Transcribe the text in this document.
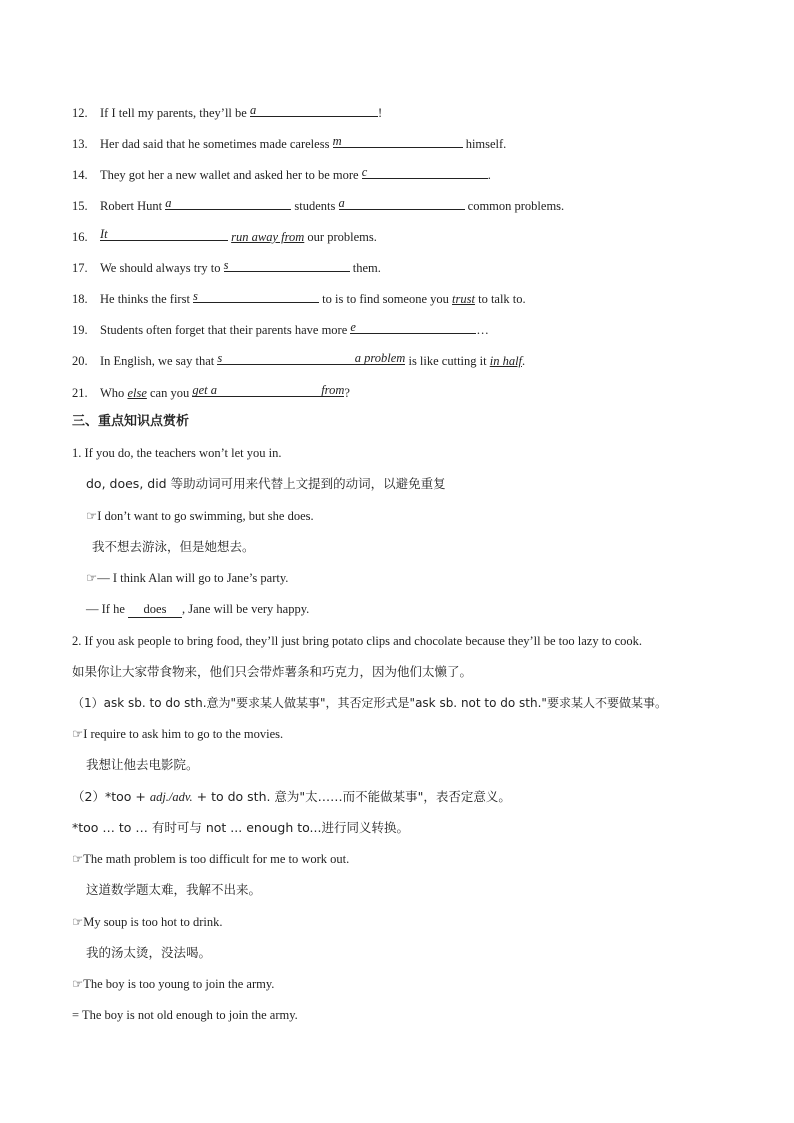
12. If I tell my parents, they’ll be a	!
13. Her dad said that he sometimes made careless m	himself.
14. They got her a new wallet and asked her to be more c	.
15. Robert Hunt a	students a	common problems.
16. It	run away from our problems.
17. We should always try to s	them.
18. He thinks the first s	to is to find someone you trust to talk to.
19. Students often forget that their parents have more e	…
20. In English, we say that s	a problem is like cutting it in half.
21. Who else can you get a	from ?
三、重点知识点赏析
1. If you do, the teachers won’t let you in.
do, does, did 等助动词可用来代替上文提到的动词，以避免重复
☞I don’t want to go swimming, but she does.
我不想去游泳，但是她想去。
☞— I think Alan will go to Jane’s party.
— If he does , Jane will be very happy.
2. If you ask people to bring food, they’ll just bring potato clips and chocolate because they’ll be too lazy to cook.
如果你让大家带食物来，他们只会带炸薯条和巧克力，因为他们太懒了。
（1）ask sb. to do sth.意为"要求某人做某事"，其否定形式是"ask sb. not to do sth."要求某人不要做某事。
☞I require to ask him to go to the movies.
我想让他去电影院。
（2）*too + adj./adv. + to do sth. 意为"太……而不能做某事"，表否定意义。
*too … to … 有时可与 not ... enough to...进行同义转换。
☞The math problem is too difficult for me to work out.
这道数学题太难，我解不出来。
☞My soup is too hot to drink.
我的汤太烫，没法喝。
☞The boy is too young to join the army.
= The boy is not old enough to join the army.
